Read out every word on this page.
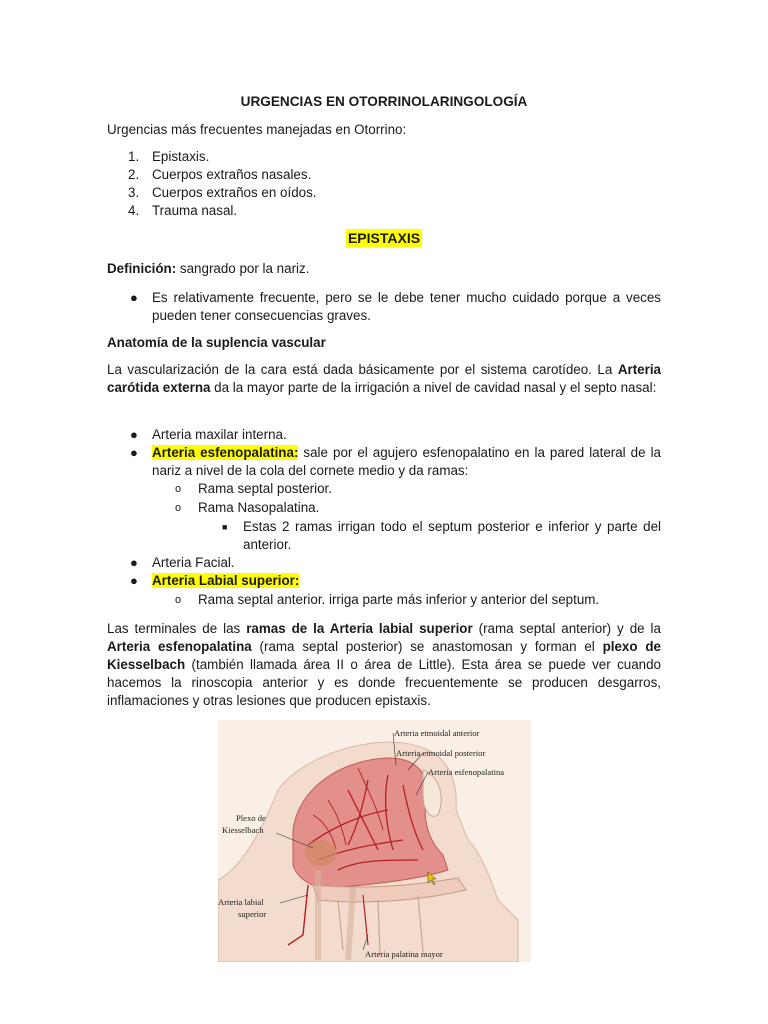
URGENCIAS EN OTORRINOLARINGOLOGÍA

Urgencias más frecuentes manejadas en Otorrino:

1. Epistaxis.
2. Cuerpos extraños nasales.
3. Cuerpos extraños en oídos.
4. Trauma nasal.
EPISTAXIS

Definición: sangrado por la nariz.

● Es relativamente frecuente, pero se le debe tener mucho cuidado porque a veces pueden tener consecuencias graves.

Anatomía de la suplencia vascular

La vascularización de la cara está dada básicamente por el sistema carotídeo. La Arteria carótida externa da la mayor parte de la irrigación a nivel de cavidad nasal y el septo nasal:

● Arteria maxilar interna.
● Arteria esfenopalatina: sale por el agujero esfenopalatino en la pared lateral de la nariz a nivel de la cola del cornete medio y da ramas:
o Rama septal posterior.
o Rama Nasopalatina.
■ Estas 2 ramas irrigan todo el septum posterior e inferior y parte del anterior.
● Arteria Facial.
● Arteria Labial superior:
o Rama septal anterior. irriga parte más inferior y anterior del septum.

Las terminales de las ramas de la Arteria labial superior (rama septal anterior) y de la Arteria esfenopalatina (rama septal posterior) se anastomosan y forman el plexo de Kiesselbach (también llamada área II o área de Little). Esta área se puede ver cuando hacemos la rinoscopia anterior y es donde frecuentemente se producen desgarros, inflamaciones y otras lesiones que producen epistaxis.

Arteria etmoidal anterior
Arteria etmoidal posterior
Arteria esfenopalatina
Plexo de
Kiesselbach
Arteria labial
superior
Arteria palatina mayor
